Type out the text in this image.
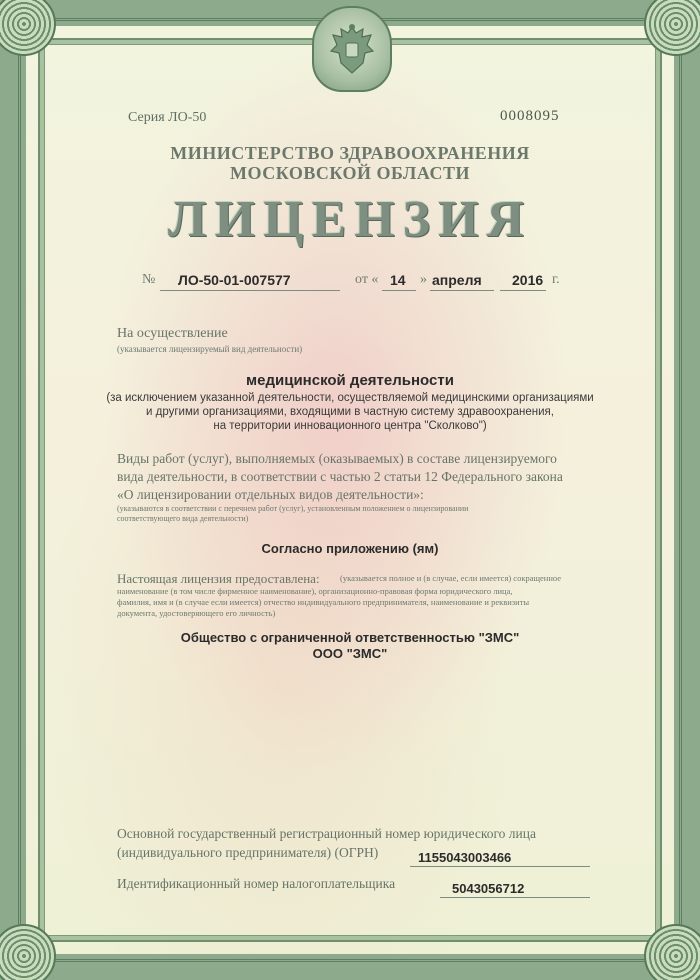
Серия ЛО-50	0008095
МИНИСТЕРСТВО ЗДРАВООХРАНЕНИЯ
МОСКОВСКОЙ ОБЛАСТИ
ЛИЦЕНЗИЯ
№ ЛО-50-01-007577	от « 14 » апреля 2016 г.
На осуществление
(указывается лицензируемый вид деятельности)
медицинской деятельности
(за исключением указанной деятельности, осуществляемой медицинскими организациями
и другими организациями, входящими в частную систему здравоохранения,
на территории инновационного центра "Сколково")
Виды работ (услуг), выполняемых (оказываемых) в составе лицензируемого
вида деятельности, в соответствии с частью 2 статьи 12 Федерального закона
«О лицензировании отдельных видов деятельности»:
(указываются в соответствии с перечнем работ (услуг), установленным положением о лицензировании
соответствующего вида деятельности)
Согласно приложению (ям)
Настоящая лицензия предоставлена: (указывается полное и (в случае, если имеется) сокращенное
наименование (в том числе фирменное наименование), организационно-правовая форма юридического лица,
фамилия, имя и (в случае если имеется) отчество индивидуального предпринимателя, наименование и реквизиты
документа, удостоверяющего его личность)
Общество с ограниченной ответственностью "ЗМС"
ООО "ЗМС"
Основной государственный регистрационный номер юридического лица
(индивидуального предпринимателя) (ОГРН)	1155043003466
Идентификационный номер налогоплательщика	5043056712
